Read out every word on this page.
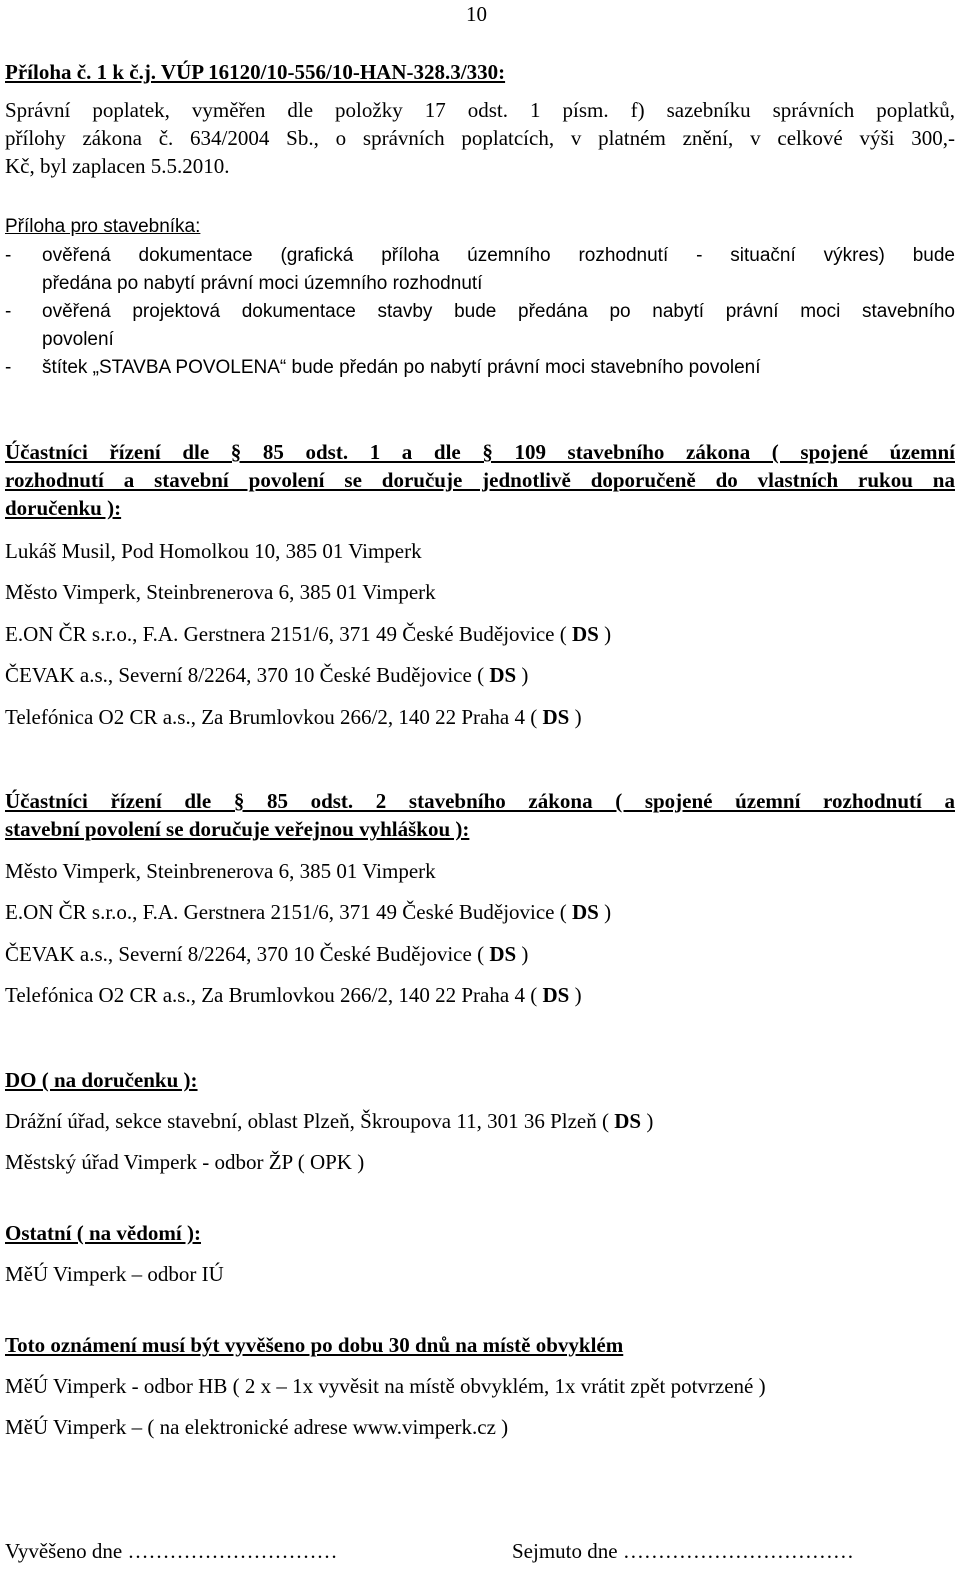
10

Příloha č. 1 k č.j. VÚP 16120/10-556/10-HAN-328.3/330:

Správní poplatek, vyměřen dle položky 17 odst. 1 písm. f) sazebníku správních poplatků,
přílohy zákona č. 634/2004 Sb., o správních poplatcích, v platném znění, v celkové výši 300,-
Kč, byl zaplacen 5.5.2010.
Příloha pro stavebníka:
- ověřená dokumentace (grafická příloha územního rozhodnutí - situační výkres) bude
předána po nabytí právní moci územního rozhodnutí
- ověřená projektová dokumentace stavby bude předána po nabytí právní moci stavebního
povolení
- štítek „STAVBA POVOLENA“ bude předán po nabytí právní moci stavebního povolení
Účastníci řízení dle § 85 odst. 1 a dle § 109 stavebního zákona ( spojené územní
rozhodnutí a stavební povolení se doručuje jednotlivě doporučeně do vlastních rukou na
doručenku ):

Lukáš Musil, Pod Homolkou 10, 385 01 Vimperk

Město Vimperk, Steinbrenerova 6, 385 01 Vimperk

E.ON ČR s.r.o., F.A. Gerstnera 2151/6, 371 49 České Budějovice ( DS )

ČEVAK a.s., Severní 8/2264, 370 10 České Budějovice ( DS )

Telefónica O2 CR a.s., Za Brumlovkou 266/2, 140 22 Praha 4 ( DS )

Účastníci řízení dle § 85 odst. 2 stavebního zákona ( spojené územní rozhodnutí a
stavební povolení se doručuje veřejnou vyhláškou ):

Město Vimperk, Steinbrenerova 6, 385 01 Vimperk

E.ON ČR s.r.o., F.A. Gerstnera 2151/6, 371 49 České Budějovice ( DS )

ČEVAK a.s., Severní 8/2264, 370 10 České Budějovice ( DS )

Telefónica O2 CR a.s., Za Brumlovkou 266/2, 140 22 Praha 4 ( DS )

DO ( na doručenku ):

Drážní úřad, sekce stavební, oblast Plzeň, Škroupova 11, 301 36 Plzeň ( DS )

Městský úřad Vimperk - odbor ŽP ( OPK )

Ostatní ( na vědomí ):

MěÚ Vimperk – odbor IÚ

Toto oznámení musí být vyvěšeno po dobu 30 dnů na místě obvyklém

MěÚ Vimperk - odbor HB ( 2 x – 1x vyvěsit na místě obvyklém, 1x vrátit zpět potvrzené )

MěÚ Vimperk – ( na elektronické adrese www.vimperk.cz )

Vyvěšeno dne …………………………	Sejmuto dne ……………………………
